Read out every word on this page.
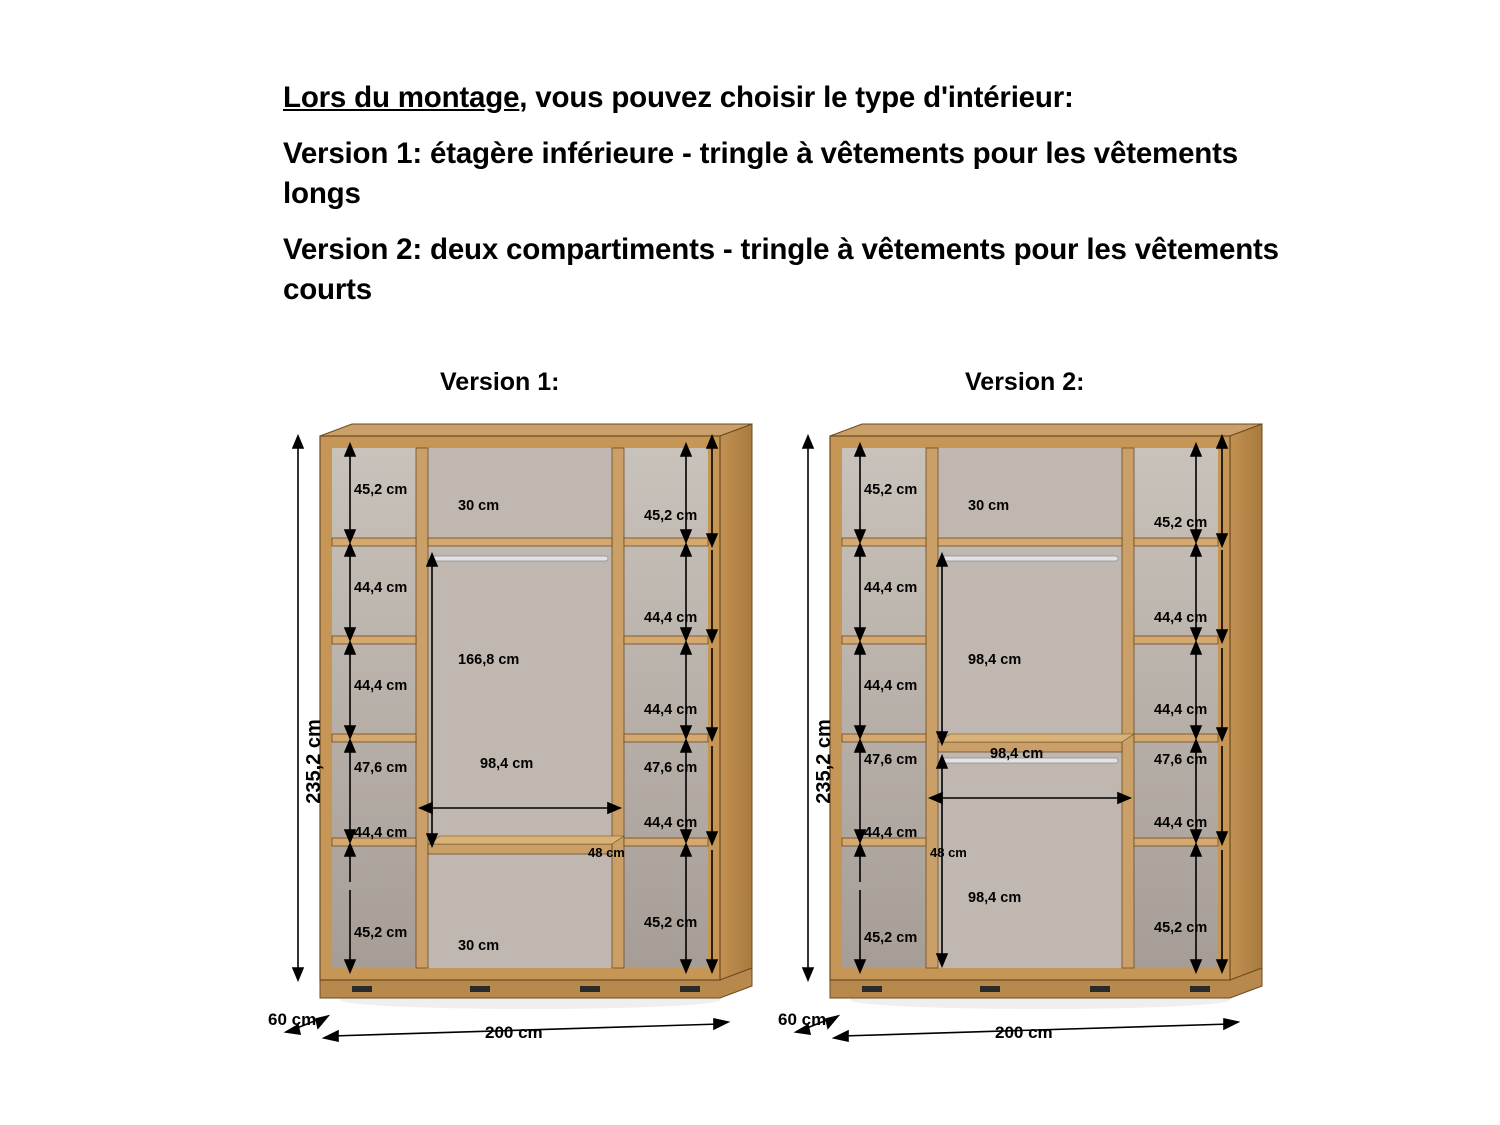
Lors du montage, vous pouvez choisir le type d'intérieur:
Version 1: étagère inférieure - tringle à vêtements pour les vêtements longs
Version 2: deux compartiments - tringle à vêtements pour les vêtements courts
Version 1:	Version 2:
235,2 cm
45,2 cm
44,4 cm
44,4 cm
47,6 cm
44,4 cm
45,2 cm
45,2 cm
44,4 cm
44,4 cm
47,6 cm
44,4 cm
45,2 cm
30 cm
166,8 cm
98,4 cm
48 cm
30 cm
60 cm
200 cm
235,2 cm
45,2 cm
44,4 cm
44,4 cm
47,6 cm
44,4 cm
45,2 cm
45,2 cm
44,4 cm
44,4 cm
47,6 cm
44,4 cm
45,2 cm
30 cm
98,4 cm
98,4 cm
48 cm
98,4 cm
60 cm
200 cm
